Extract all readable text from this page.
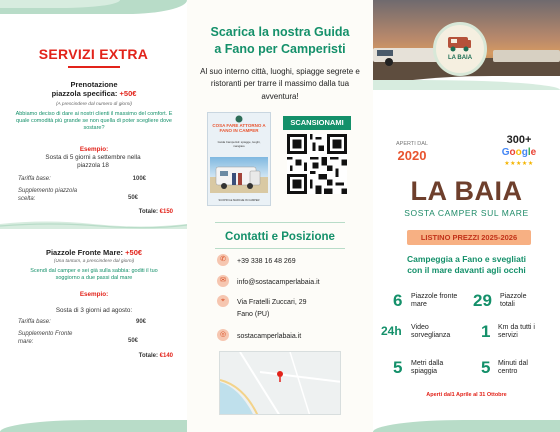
SERVIZI EXTRA
Prenotazione
piazzola specifica: +50€
(A prescindere dal numero di giorni)
Abbiamo deciso di dare ai nostri clienti il massimo del comfort. E quale comodità più grande se non quella di poter scegliere dove sostare?
Esempio:
Sosta di 5 giorni a settembre nella piazzola 18
Tariffa base:	100€
Supplemento piazzola scelta:	50€
Totale: €150
Piazzole Fronte Mare: +50€
(Una tantum, a prescindere dal giorni)
Scendi dal camper e sei già sulla sabbia: goditi il tuo soggiorno a due passi dal mare
Esempio:
Sosta di 3 giorni ad agosto:
Tariffa base:	90€
Supplemento Fronte mare:	50€
Totale: €140
Scarica la nostra Guida
a Fano per Camperisti
Al suo interno città, luoghi, spiagge segrete e ristoranti per trarre il massimo dalla tua avventura!
COSA FARE ATTORNO A FANO IN CAMPER
Guida Camperisti: spiagge, luoghi, mangiare
SCOPRI LE MARCHE IN CAMPER
SCANSIONAMI
Contatti e Posizione
✆	+39 338 16 48 269
✉	info@sostacamperlabaia.it
⌖	Via Fratelli Zuccari, 29
Fano (PU)
◎	sostacamperlabaia.it
LA BAIA
APERTI DAL
2020
300+
Google
★★★★★
LA BAIA
SOSTA CAMPER SUL MARE
LISTINO PREZZI 2025-2026
Campeggia a Fano e svegliati
con il mare davanti agli occhi
6 Piazzole fronte mare	29 Piazzole totali
24h Video sorveglianza	1 Km da tutti i servizi
5 Metri dalla spiaggia	5 Minuti dal centro
Aperti dal1 Aprile al 31 Ottobre
